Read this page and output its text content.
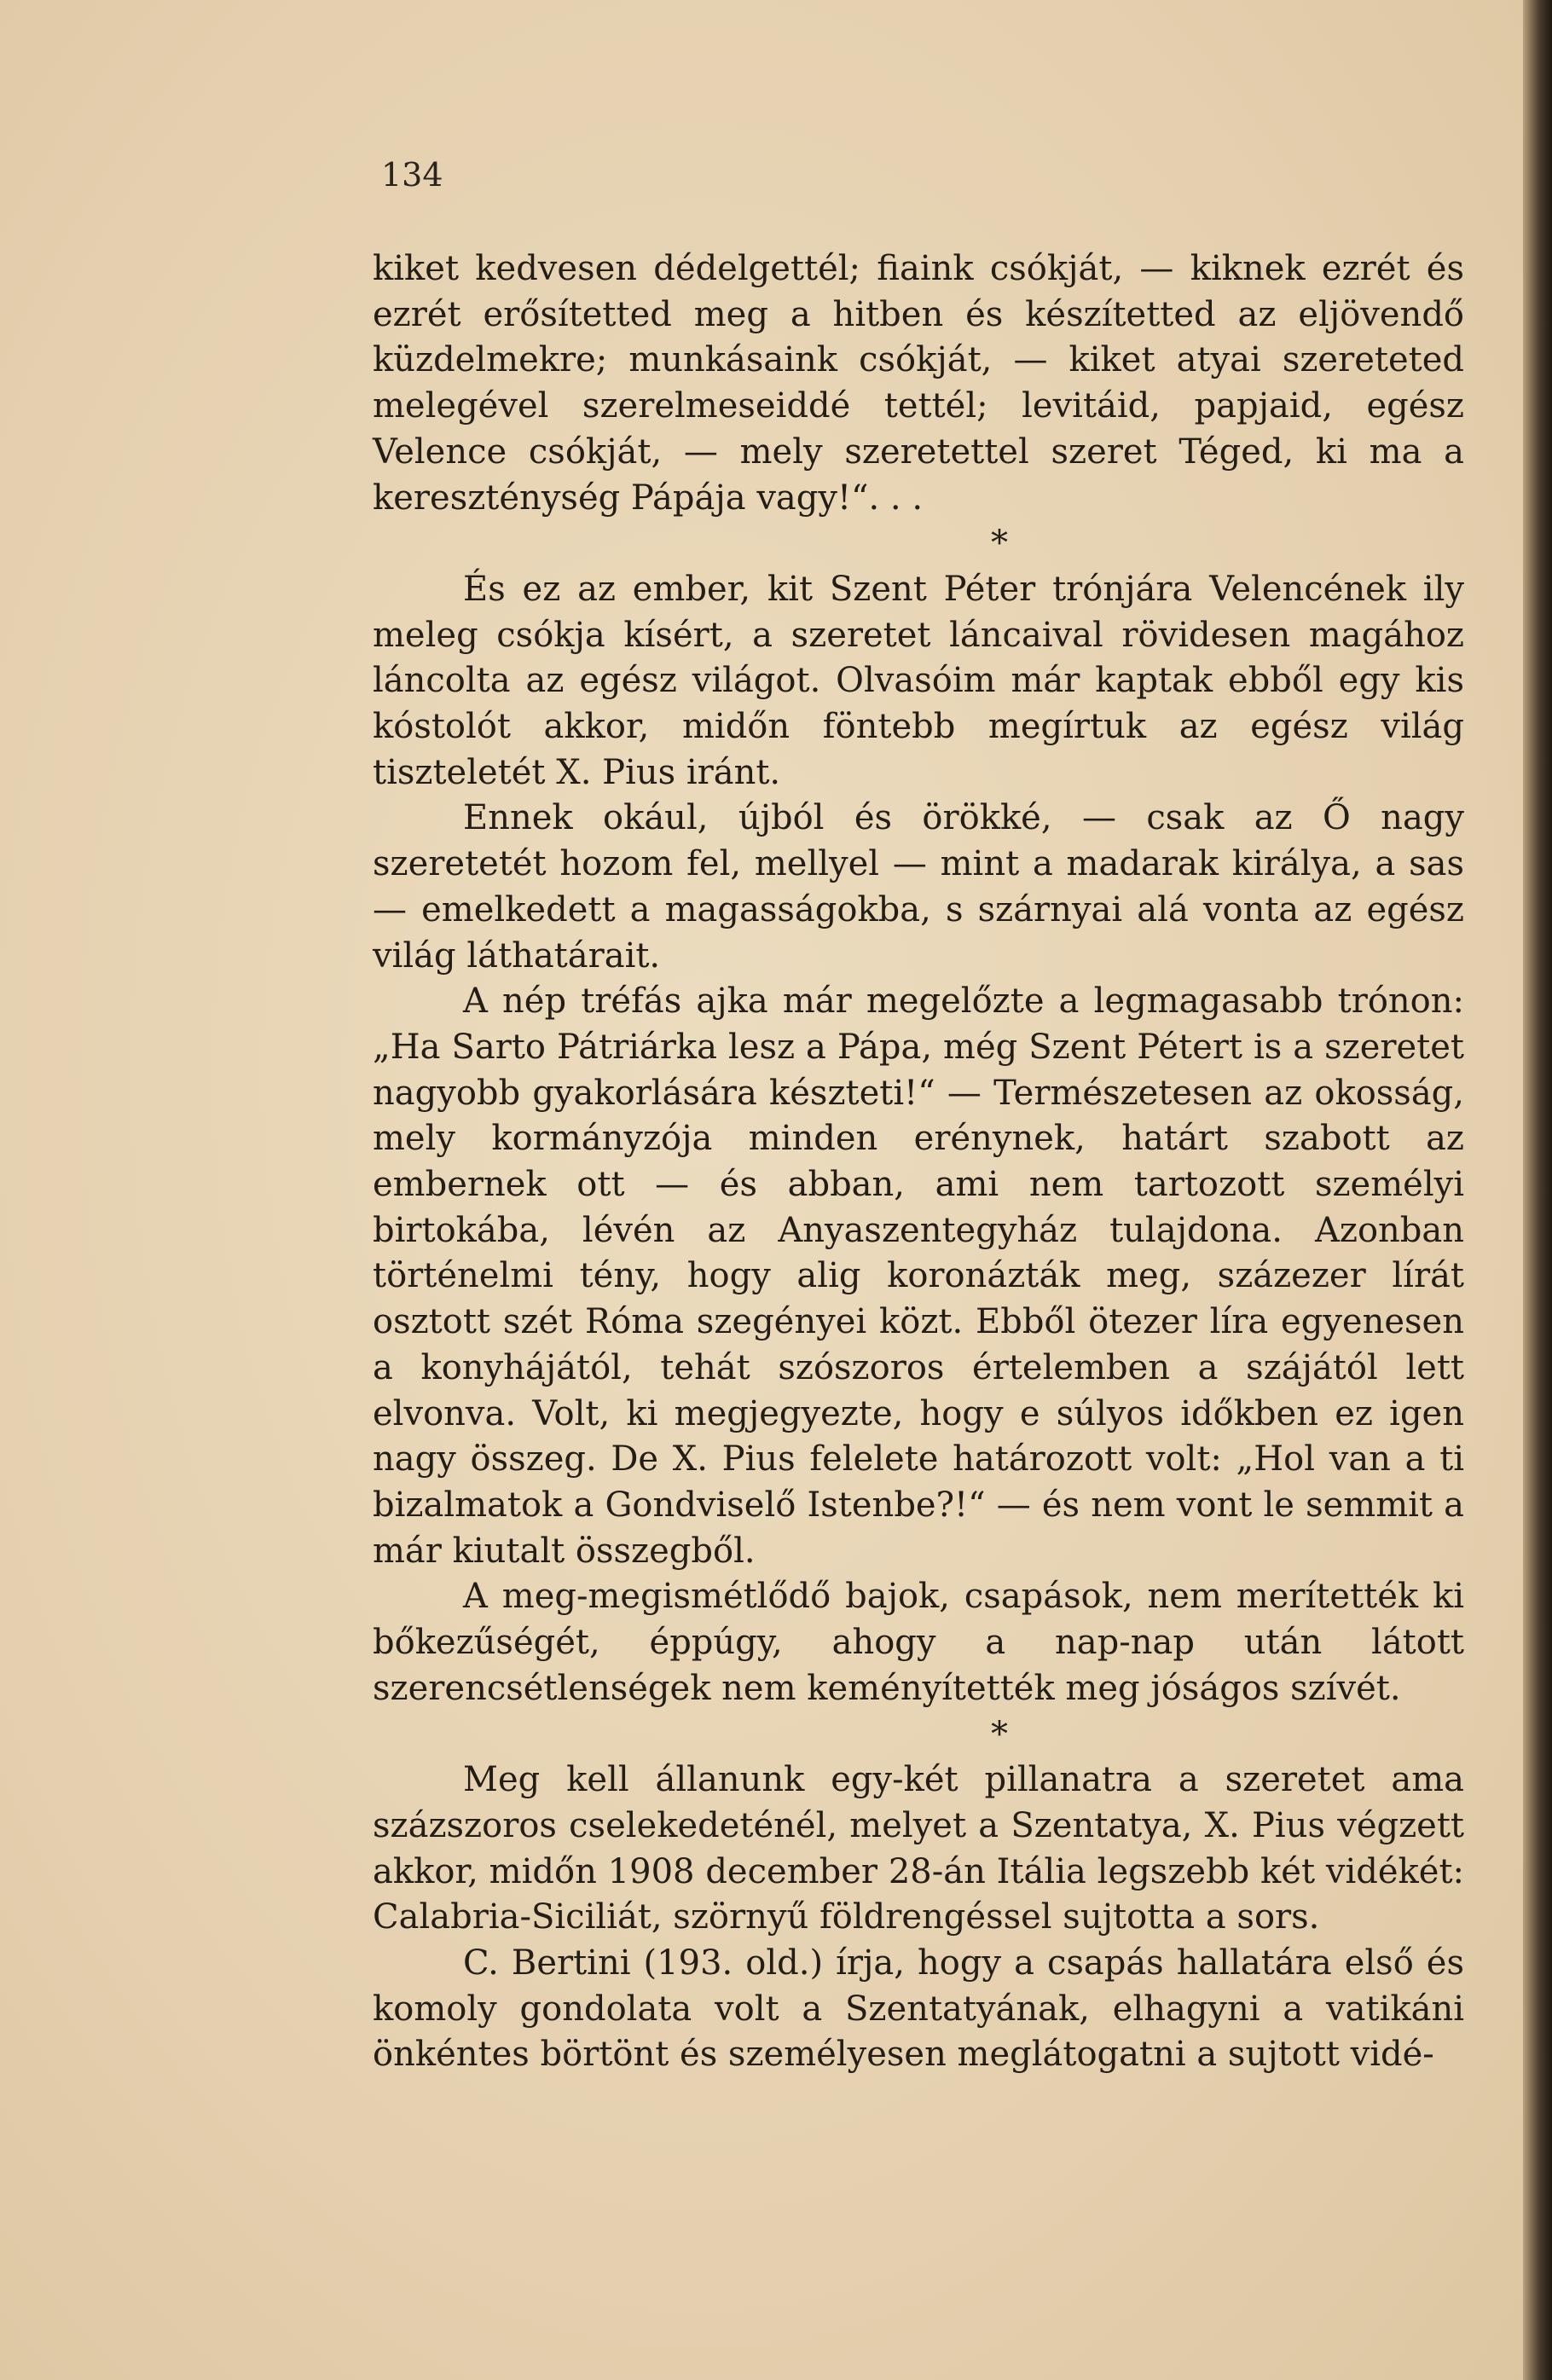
134

kiket kedvesen dédelgettél; fiaink csókját, — kiknek ezrét és ezrét erősítetted meg a hitben és készítetted az eljövendő küzdelmekre; munkásaink csókját, — kiket atyai szereteted melegével szerelmeseiddé tettél; levitáid, papjaid, egész Velence csókját, — mely szeretettel szeret Téged, ki ma a kereszténység Pápája vagy!“. . .

*

És ez az ember, kit Szent Péter trónjára Velencének ily meleg csókja kísért, a szeretet láncaival rövidesen magához láncolta az egész világot. Olvasóim már kaptak ebből egy kis kóstolót akkor, midőn föntebb megírtuk az egész világ tiszteletét X. Pius iránt.

Ennek okául, újból és örökké, — csak az Ő nagy szeretetét hozom fel, mellyel — mint a madarak királya, a sas — emelkedett a magasságokba, s szárnyai alá vonta az egész világ láthatárait.

A nép tréfás ajka már megelőzte a legmagasabb trónon: „Ha Sarto Pátriárka lesz a Pápa, még Szent Pétert is a szeretet nagyobb gyakorlására készteti!“ — Természetesen az okosság, mely kormányzója minden erénynek, határt szabott az embernek ott — és abban, ami nem tartozott személyi birtokába, lévén az Anyaszentegyház tulajdona. Azonban történelmi tény, hogy alig koronázták meg, százezer lírát osztott szét Róma szegényei közt. Ebből ötezer líra egyenesen a konyhájától, tehát szószoros értelemben a szájától lett elvonva. Volt, ki megjegyezte, hogy e súlyos időkben ez igen nagy összeg. De X. Pius felelete határozott volt: „Hol van a ti bizalmatok a Gondviselő Istenbe?!“ — és nem vont le semmit a már kiutalt összegből.

A meg-megismétlődő bajok, csapások, nem merítették ki bőkezűségét, éppúgy, ahogy a nap-nap után látott szerencsétlenségek nem keményítették meg jóságos szívét.

*

Meg kell állanunk egy-két pillanatra a szeretet ama százszoros cselekedeténél, melyet a Szentatya, X. Pius végzett akkor, midőn 1908 december 28-án Itália legszebb két vidékét: Calabria-Siciliát, szörnyű földrengéssel sujtotta a sors.

C. Bertini (193. old.) írja, hogy a csapás hallatára első és komoly gondolata volt a Szentatyának, elhagyni a vatikáni önkéntes börtönt és személyesen meglátogatni a sujtott vidé-
